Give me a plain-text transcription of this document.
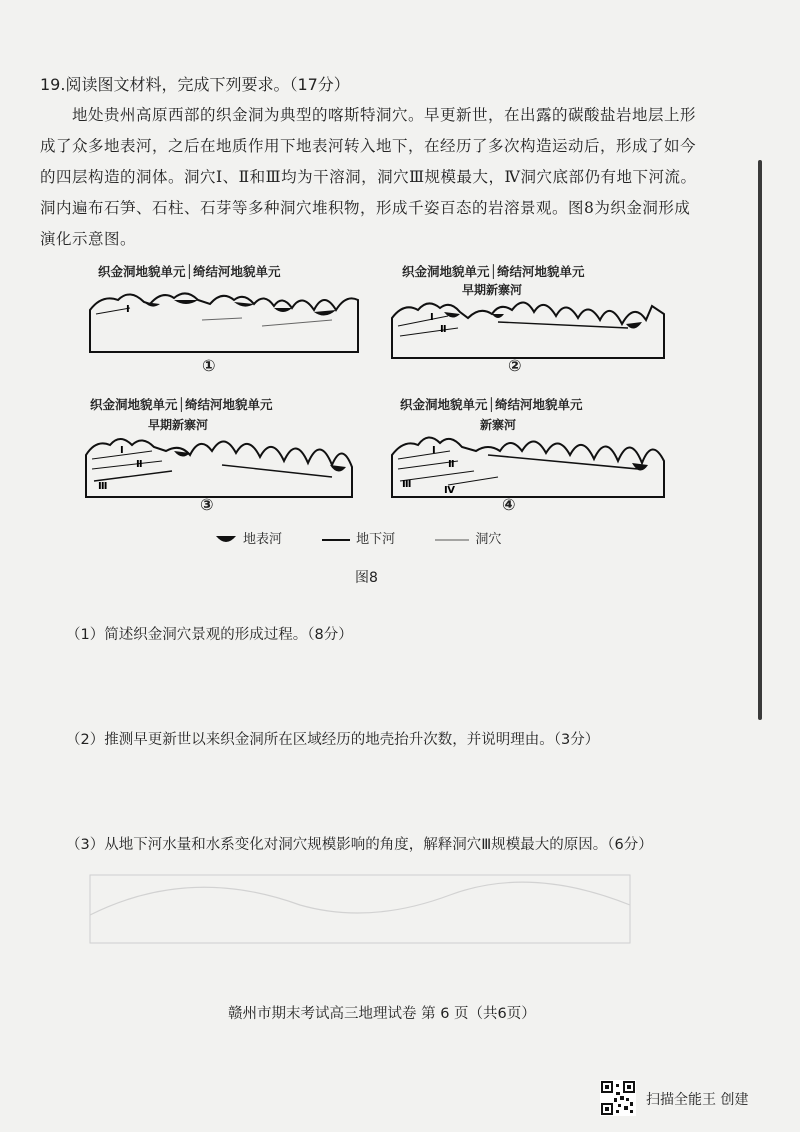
19.阅读图文材料，完成下列要求。（17分）

地处贵州高原西部的织金洞为典型的喀斯特洞穴。早更新世，在出露的碳酸盐岩地层上形成了众多地表河，之后在地质作用下地表河转入地下，在经历了多次构造运动后，形成了如今的四层构造的洞体。洞穴Ⅰ、Ⅱ和Ⅲ均为干溶洞，洞穴Ⅲ规模最大，Ⅳ洞穴底部仍有地下河流。洞内遍布石笋、石柱、石芽等多种洞穴堆积物，形成千姿百态的岩溶景观。图8为织金洞形成演化示意图。

织金洞地貌单元│绮结河地貌单元
Ⅰ
①
织金洞地貌单元│绮结河地貌单元
早期新寨河
Ⅰ
Ⅱ
②
织金洞地貌单元│绮结河地貌单元
早期新寨河
Ⅰ
Ⅱ
Ⅲ
③
织金洞地貌单元│绮结河地貌单元
新寨河
Ⅰ
Ⅱ
Ⅲ
Ⅳ
④
地表河	地下河	洞穴
图8
（1）简述织金洞穴景观的形成过程。（8分）
（2）推测早更新世以来织金洞所在区域经历的地壳抬升次数，并说明理由。（3分）
（3）从地下河水量和水系变化对洞穴规模影响的角度，解释洞穴Ⅲ规模最大的原因。（6分）
赣州市期末考试高三地理试卷 第 6 页（共6页）
扫描全能王 创建
